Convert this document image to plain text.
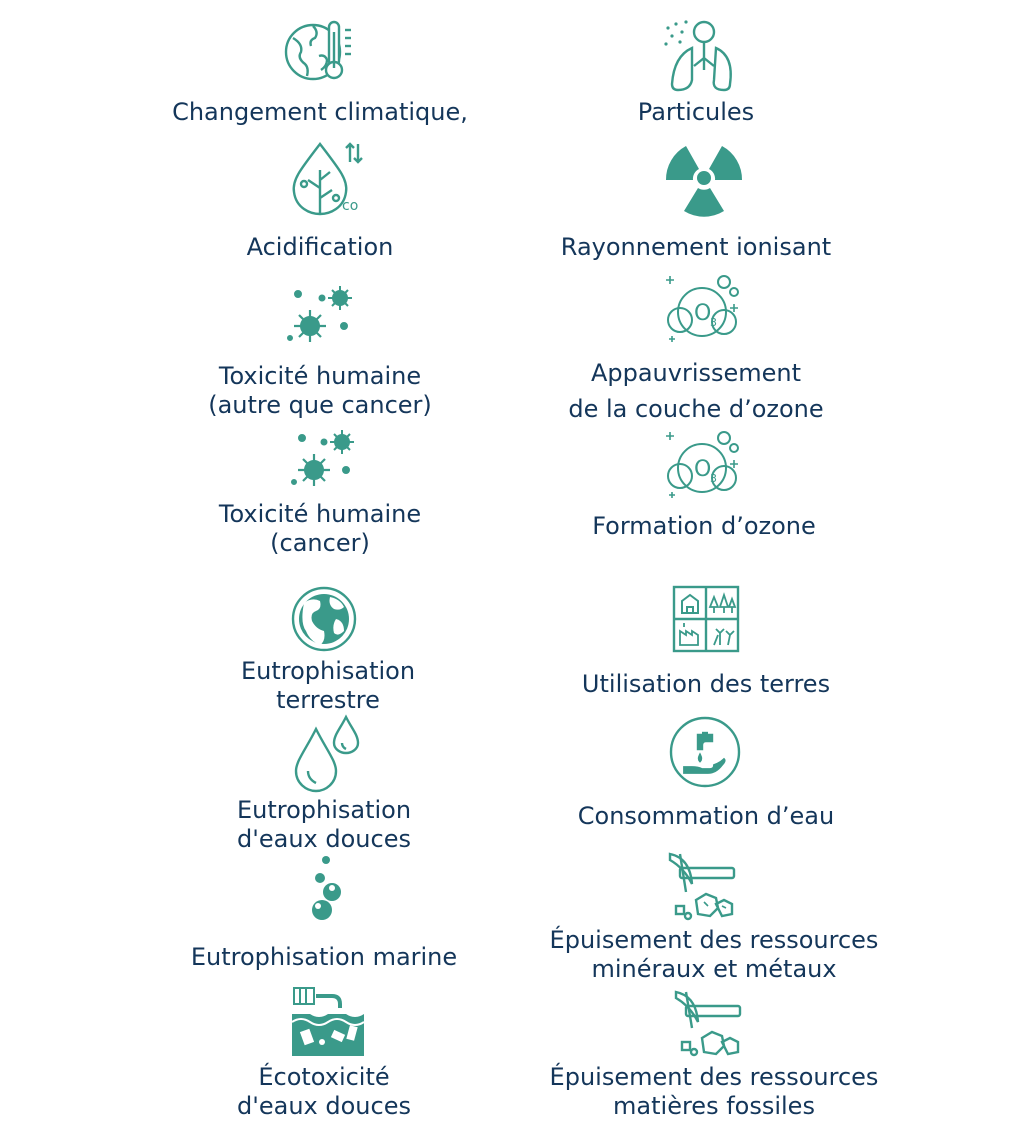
Changement climatique,
co
Acidification
Toxicité humaine
(autre que cancer)
Toxicité humaine
(cancer)
Eutrophisation
terrestre
Eutrophisation
d'eaux douces
Eutrophisation marine
Écotoxicité
d'eaux douces
Particules
Rayonnement ionisant
O
3
Appauvrissement
de la couche d’ozone
O
3
Formation d’ozone
Utilisation des terres
Consommation d’eau
Épuisement des ressources
minéraux et métaux
Épuisement des ressources
matières fossiles
